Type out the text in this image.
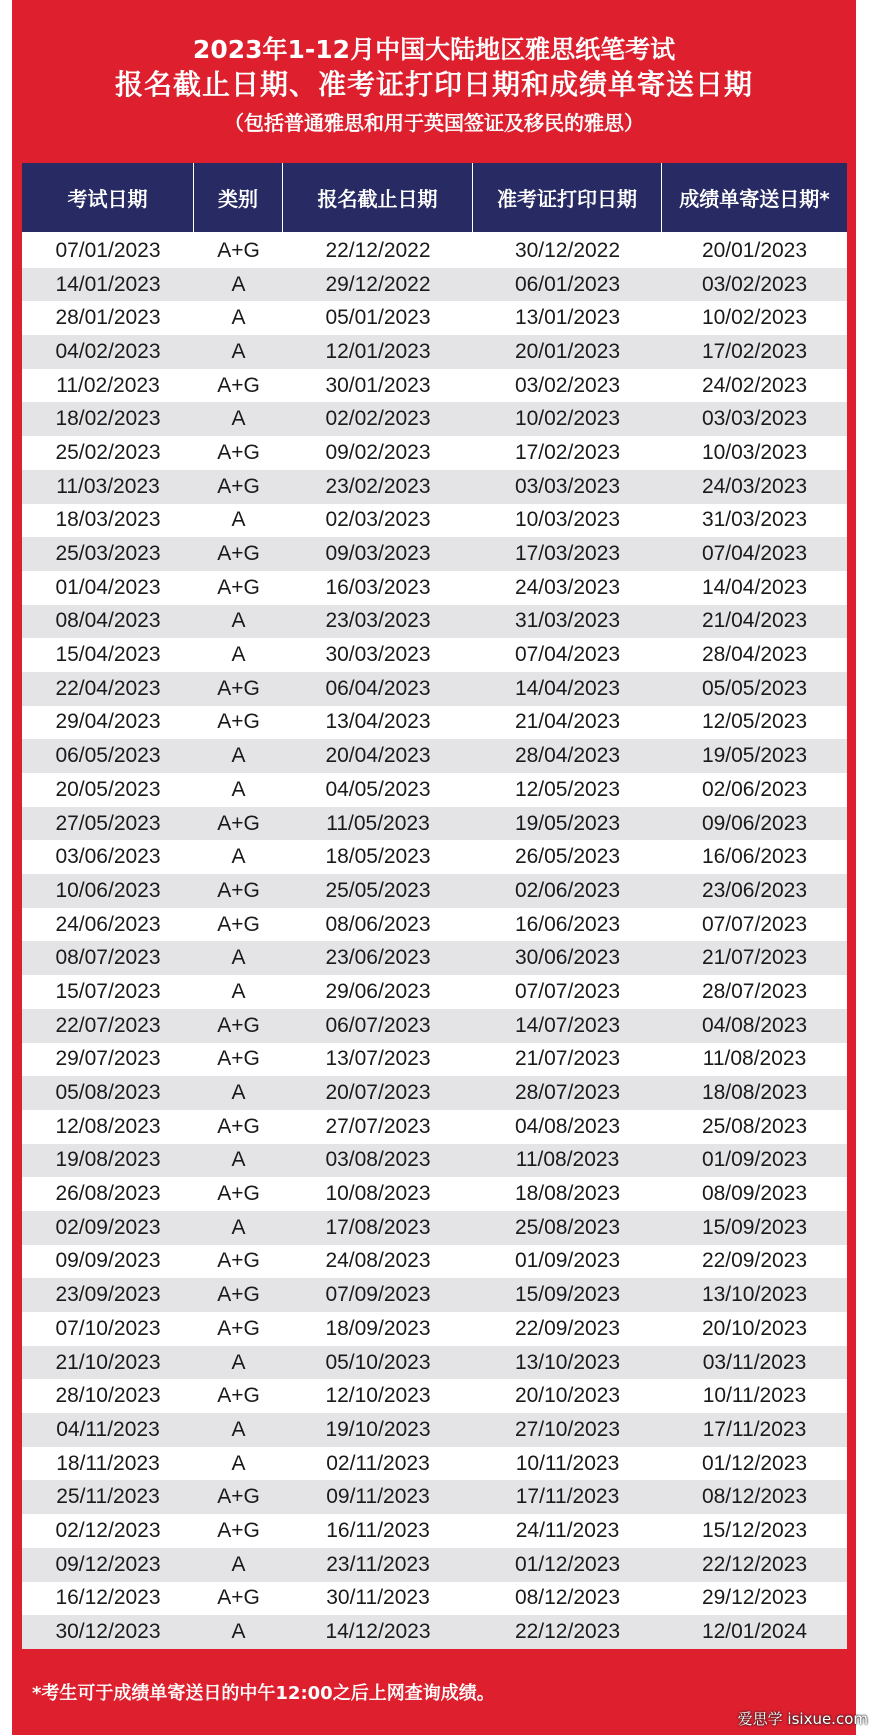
2023年1-12月中国大陆地区雅思纸笔考试
报名截止日期、准考证打印日期和成绩单寄送日期
（包括普通雅思和用于英国签证及移民的雅思）
考试日期	类别	报名截止日期	准考证打印日期	成绩单寄送日期*
07/01/2023	A+G	22/12/2022	30/12/2022	20/01/2023
14/01/2023	A	29/12/2022	06/01/2023	03/02/2023
28/01/2023	A	05/01/2023	13/01/2023	10/02/2023
04/02/2023	A	12/01/2023	20/01/2023	17/02/2023
11/02/2023	A+G	30/01/2023	03/02/2023	24/02/2023
18/02/2023	A	02/02/2023	10/02/2023	03/03/2023
25/02/2023	A+G	09/02/2023	17/02/2023	10/03/2023
11/03/2023	A+G	23/02/2023	03/03/2023	24/03/2023
18/03/2023	A	02/03/2023	10/03/2023	31/03/2023
25/03/2023	A+G	09/03/2023	17/03/2023	07/04/2023
01/04/2023	A+G	16/03/2023	24/03/2023	14/04/2023
08/04/2023	A	23/03/2023	31/03/2023	21/04/2023
15/04/2023	A	30/03/2023	07/04/2023	28/04/2023
22/04/2023	A+G	06/04/2023	14/04/2023	05/05/2023
29/04/2023	A+G	13/04/2023	21/04/2023	12/05/2023
06/05/2023	A	20/04/2023	28/04/2023	19/05/2023
20/05/2023	A	04/05/2023	12/05/2023	02/06/2023
27/05/2023	A+G	11/05/2023	19/05/2023	09/06/2023
03/06/2023	A	18/05/2023	26/05/2023	16/06/2023
10/06/2023	A+G	25/05/2023	02/06/2023	23/06/2023
24/06/2023	A+G	08/06/2023	16/06/2023	07/07/2023
08/07/2023	A	23/06/2023	30/06/2023	21/07/2023
15/07/2023	A	29/06/2023	07/07/2023	28/07/2023
22/07/2023	A+G	06/07/2023	14/07/2023	04/08/2023
29/07/2023	A+G	13/07/2023	21/07/2023	11/08/2023
05/08/2023	A	20/07/2023	28/07/2023	18/08/2023
12/08/2023	A+G	27/07/2023	04/08/2023	25/08/2023
19/08/2023	A	03/08/2023	11/08/2023	01/09/2023
26/08/2023	A+G	10/08/2023	18/08/2023	08/09/2023
02/09/2023	A	17/08/2023	25/08/2023	15/09/2023
09/09/2023	A+G	24/08/2023	01/09/2023	22/09/2023
23/09/2023	A+G	07/09/2023	15/09/2023	13/10/2023
07/10/2023	A+G	18/09/2023	22/09/2023	20/10/2023
21/10/2023	A	05/10/2023	13/10/2023	03/11/2023
28/10/2023	A+G	12/10/2023	20/10/2023	10/11/2023
04/11/2023	A	19/10/2023	27/10/2023	17/11/2023
18/11/2023	A	02/11/2023	10/11/2023	01/12/2023
25/11/2023	A+G	09/11/2023	17/11/2023	08/12/2023
02/12/2023	A+G	16/11/2023	24/11/2023	15/12/2023
09/12/2023	A	23/11/2023	01/12/2023	22/12/2023
16/12/2023	A+G	30/11/2023	08/12/2023	29/12/2023
30/12/2023	A	14/12/2023	22/12/2023	12/01/2024
*考生可于成绩单寄送日的中午12:00之后上网查询成绩。
爱思学 isixue.com
